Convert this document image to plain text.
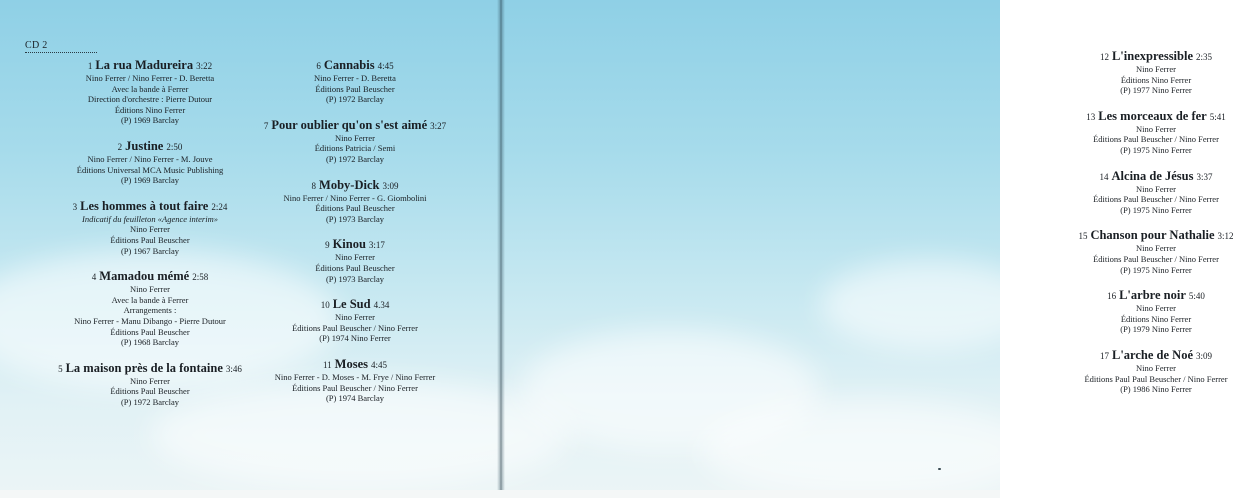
CD 2
1 La rua Madureira 3:22
Nino Ferrer / Nino Ferrer - D. Beretta
Avec la bande à Ferrer
Direction d'orchestre : Pierre Dutour
Éditions Nino Ferrer
(P) 1969 Barclay
2 Justine 2:50
Nino Ferrer / Nino Ferrer - M. Jouve
Éditions Universal MCA Music Publishing
(P) 1969 Barclay
3 Les hommes à tout faire 2:24
Indicatif du feuilleton «Agence interim»
Nino Ferrer
Éditions Paul Beuscher
(P) 1967 Barclay
4 Mamadou mémé 2:58
Nino Ferrer
Avec la bande à Ferrer
Arrangements :
Nino Ferrer - Manu Dibango - Pierre Dutour
Éditions Paul Beuscher
(P) 1968 Barclay
5 La maison près de la fontaine 3:46
Nino Ferrer
Éditions Paul Beuscher
(P) 1972 Barclay
6 Cannabis 4:45
Nino Ferrer - D. Beretta
Éditions Paul Beuscher
(P) 1972 Barclay
7 Pour oublier qu'on s'est aimé 3:27
Nino Ferrer
Éditions Patricia / Semi
(P) 1972 Barclay
8 Moby-Dick 3:09
Nino Ferrer / Nino Ferrer - G. Giombolini
Éditions Paul Beuscher
(P) 1973 Barclay
9 Kinou 3:17
Nino Ferrer
Éditions Paul Beuscher
(P) 1973 Barclay
10 Le Sud 4.34
Nino Ferrer
Éditions Paul Beuscher / Nino Ferrer
(P) 1974 Nino Ferrer
11 Moses 4:45
Nino Ferrer - D. Moses - M. Frye / Nino Ferrer
Éditions Paul Beuscher / Nino Ferrer
(P) 1974 Barclay
12 L'inexpressible 2:35
Nino Ferrer
Éditions Nino Ferrer
(P) 1977 Nino Ferrer
13 Les morceaux de fer 5:41
Nino Ferrer
Éditions Paul Beuscher / Nino Ferrer
(P) 1975 Nino Ferrer
14 Alcina de Jésus 3:37
Nino Ferrer
Éditions Paul Beuscher / Nino Ferrer
(P) 1975 Nino Ferrer
15 Chanson pour Nathalie 3:12
Nino Ferrer
Éditions Paul Beuscher / Nino Ferrer
(P) 1975 Nino Ferrer
16 L'arbre noir 5:40
Nino Ferrer
Éditions Nino Ferrer
(P) 1979 Nino Ferrer
17 L'arche de Noé 3:09
Nino Ferrer
Éditions Paul Paul Beuscher / Nino Ferrer
(P) 1986 Nino Ferrer
